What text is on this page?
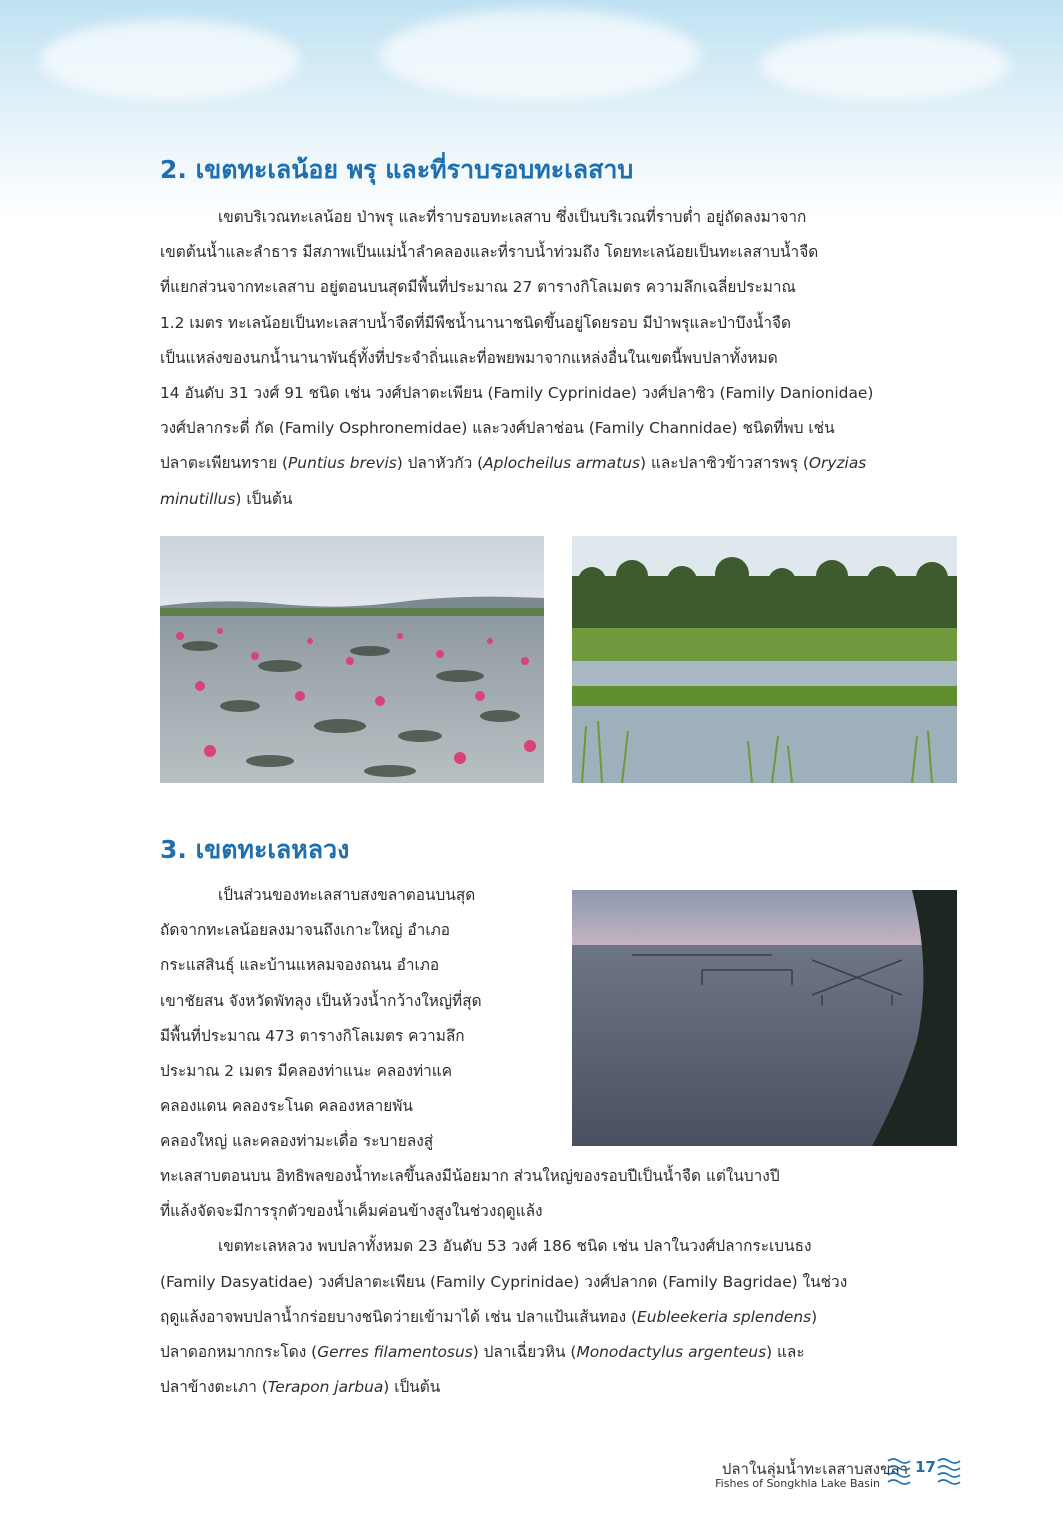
2. เขตทะเลน้อย พรุ และที่ราบรอบทะเลสาบ
เขตบริเวณทะเลน้อย ป่าพรุ และที่ราบรอบทะเลสาบ ซึ่งเป็นบริเวณที่ราบต่ำ อยู่ถัดลงมาจาก
เขตต้นน้ำและลำธาร มีสภาพเป็นแม่น้ำลำคลองและที่ราบน้ำท่วมถึง โดยทะเลน้อยเป็นทะเลสาบน้ำจืด
ที่แยกส่วนจากทะเลสาบ อยู่ตอนบนสุดมีพื้นที่ประมาณ 27 ตารางกิโลเมตร ความลึกเฉลี่ยประมาณ
1.2 เมตร ทะเลน้อยเป็นทะเลสาบน้ำจืดที่มีพืชน้ำนานาชนิดขึ้นอยู่โดยรอบ มีป่าพรุและป่าบึงน้ำจืด
เป็นแหล่งของนกน้ำนานาพันธุ์ทั้งที่ประจำถิ่นและที่อพยพมาจากแหล่งอื่นในเขตนี้พบปลาทั้งหมด
14 อันดับ 31 วงศ์ 91 ชนิด เช่น วงศ์ปลาตะเพียน (Family Cyprinidae) วงศ์ปลาซิว (Family Danionidae)
วงศ์ปลากระดี่ กัด (Family Osphronemidae) และวงศ์ปลาช่อน (Family Channidae) ชนิดที่พบ เช่น
ปลาตะเพียนทราย (Puntius brevis) ปลาหัวกัว (Aplocheilus armatus) และปลาซิวข้าวสารพรุ (Oryzias
minutillus) เป็นต้น
3. เขตทะเลหลวง
เป็นส่วนของทะเลสาบสงขลาตอนบนสุด
ถัดจากทะเลน้อยลงมาจนถึงเกาะใหญ่ อำเภอ
กระแสสินธุ์ และบ้านแหลมจองถนน อำเภอ
เขาชัยสน จังหวัดพัทลุง เป็นห้วงน้ำกว้างใหญ่ที่สุด
มีพื้นที่ประมาณ 473 ตารางกิโลเมตร ความลึก
ประมาณ 2 เมตร มีคลองท่าแนะ คลองท่าแค
คลองแดน คลองระโนด คลองหลายพัน
คลองใหญ่ และคลองท่ามะเดื่อ ระบายลงสู่
ทะเลสาบตอนบน อิทธิพลของน้ำทะเลขึ้นลงมีน้อยมาก ส่วนใหญ่ของรอบปีเป็นน้ำจืด แต่ในบางปี
ที่แล้งจัดจะมีการรุกตัวของน้ำเค็มค่อนข้างสูงในช่วงฤดูแล้ง
เขตทะเลหลวง พบปลาทั้งหมด 23 อันดับ 53 วงศ์ 186 ชนิด เช่น ปลาในวงศ์ปลากระเบนธง
(Family Dasyatidae) วงศ์ปลาตะเพียน (Family Cyprinidae) วงศ์ปลากด (Family Bagridae) ในช่วง
ฤดูแล้งอาจพบปลาน้ำกร่อยบางชนิดว่ายเข้ามาได้ เช่น ปลาแป้นเส้นทอง (Eubleekeria splendens)
ปลาดอกหมากกระโดง (Gerres filamentosus) ปลาเฉี่ยวหิน (Monodactylus argenteus) และ
ปลาข้างตะเภา (Terapon jarbua) เป็นต้น
ปลาในลุ่มน้ำทะเลสาบสงขลา
Fishes of Songkhla Lake Basin
17
